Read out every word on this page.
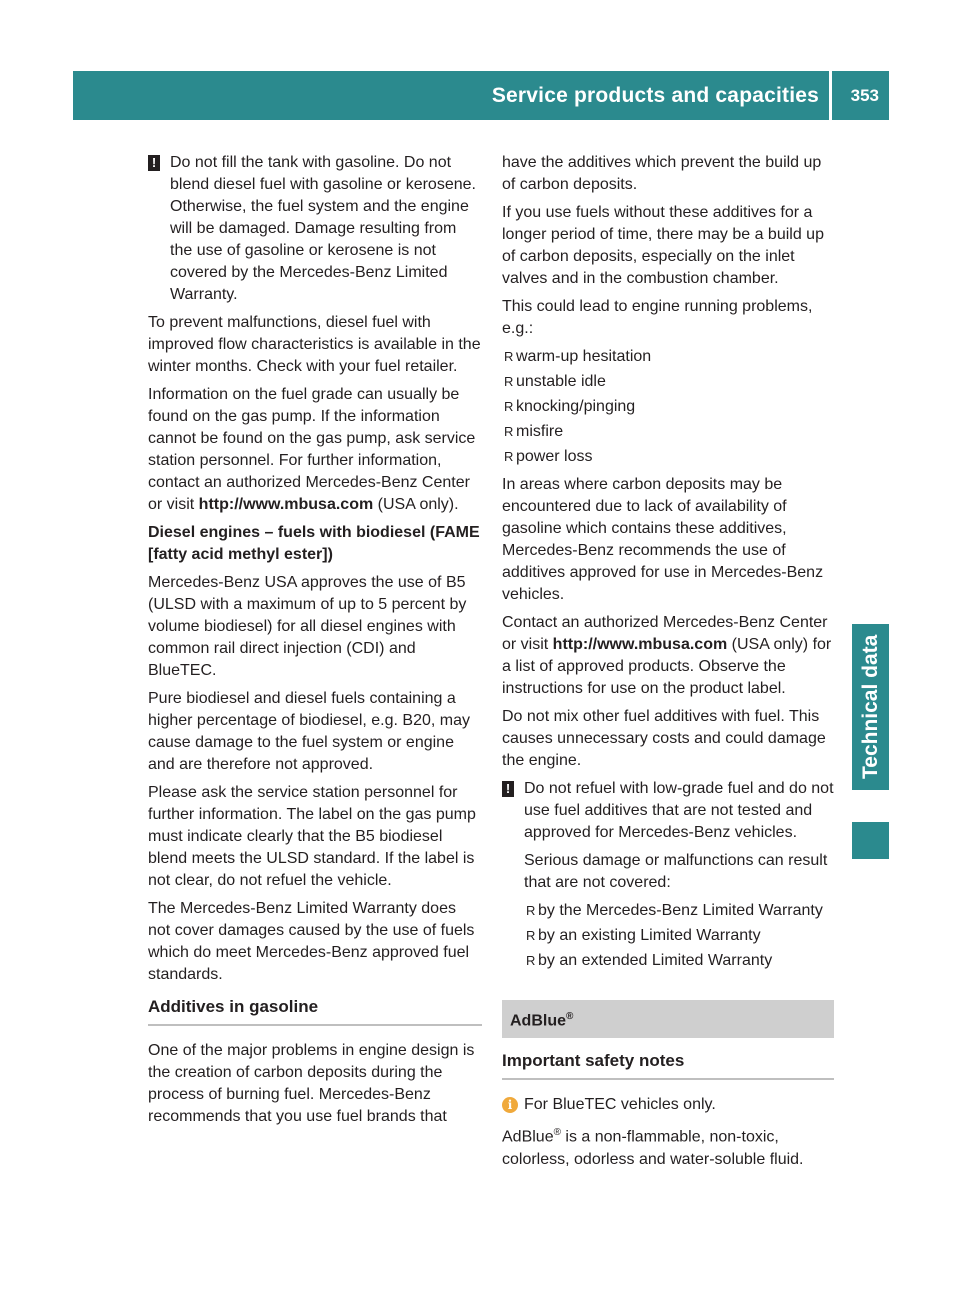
Service products and capacities 353
Technical data
! Do not fill the tank with gasoline. Do not blend diesel fuel with gasoline or kerosene. Otherwise, the fuel system and the engine will be damaged. Damage resulting from the use of gasoline or kerosene is not covered by the Mercedes-Benz Limited Warranty.

To prevent malfunctions, diesel fuel with improved flow characteristics is available in the winter months. Check with your fuel retailer.

Information on the fuel grade can usually be found on the gas pump. If the information cannot be found on the gas pump, ask service station personnel. For further information, contact an authorized Mercedes-Benz Center or visit http://www.mbusa.com (USA only).

Diesel engines – fuels with biodiesel (FAME [fatty acid methyl ester])

Mercedes-Benz USA approves the use of B5 (ULSD with a maximum of up to 5 percent by volume biodiesel) for all diesel engines with common rail direct injection (CDI) and BlueTEC.

Pure biodiesel and diesel fuels containing a higher percentage of biodiesel, e.g. B20, may cause damage to the fuel system or engine and are therefore not approved.

Please ask the service station personnel for further information. The label on the gas pump must indicate clearly that the B5 biodiesel blend meets the ULSD standard. If the label is not clear, do not refuel the vehicle.

The Mercedes-Benz Limited Warranty does not cover damages caused by the use of fuels which do meet Mercedes-Benz approved fuel standards.

Additives in gasoline

One of the major problems in engine design is the creation of carbon deposits during the process of burning fuel. Mercedes-Benz recommends that you use fuel brands that

have the additives which prevent the build up of carbon deposits.

If you use fuels without these additives for a longer period of time, there may be a build up of carbon deposits, especially on the inlet valves and in the combustion chamber.

This could lead to engine running problems, e.g.:

R warm-up hesitation
R unstable idle
R knocking/pinging
R misfire
R power loss

In areas where carbon deposits may be encountered due to lack of availability of gasoline which contains these additives, Mercedes-Benz recommends the use of additives approved for use in Mercedes-Benz vehicles.

Contact an authorized Mercedes-Benz Center or visit http://www.mbusa.com (USA only) for a list of approved products. Observe the instructions for use on the product label.

Do not mix other fuel additives with fuel. This causes unnecessary costs and could damage the engine.

! Do not refuel with low-grade fuel and do not use fuel additives that are not tested and approved for Mercedes-Benz vehicles.

Serious damage or malfunctions can result that are not covered:

R by the Mercedes-Benz Limited Warranty
R by an existing Limited Warranty
R by an extended Limited Warranty
AdBlue®
Important safety notes
i For BlueTEC vehicles only.

AdBlue® is a non-flammable, non-toxic, colorless, odorless and water-soluble fluid.
